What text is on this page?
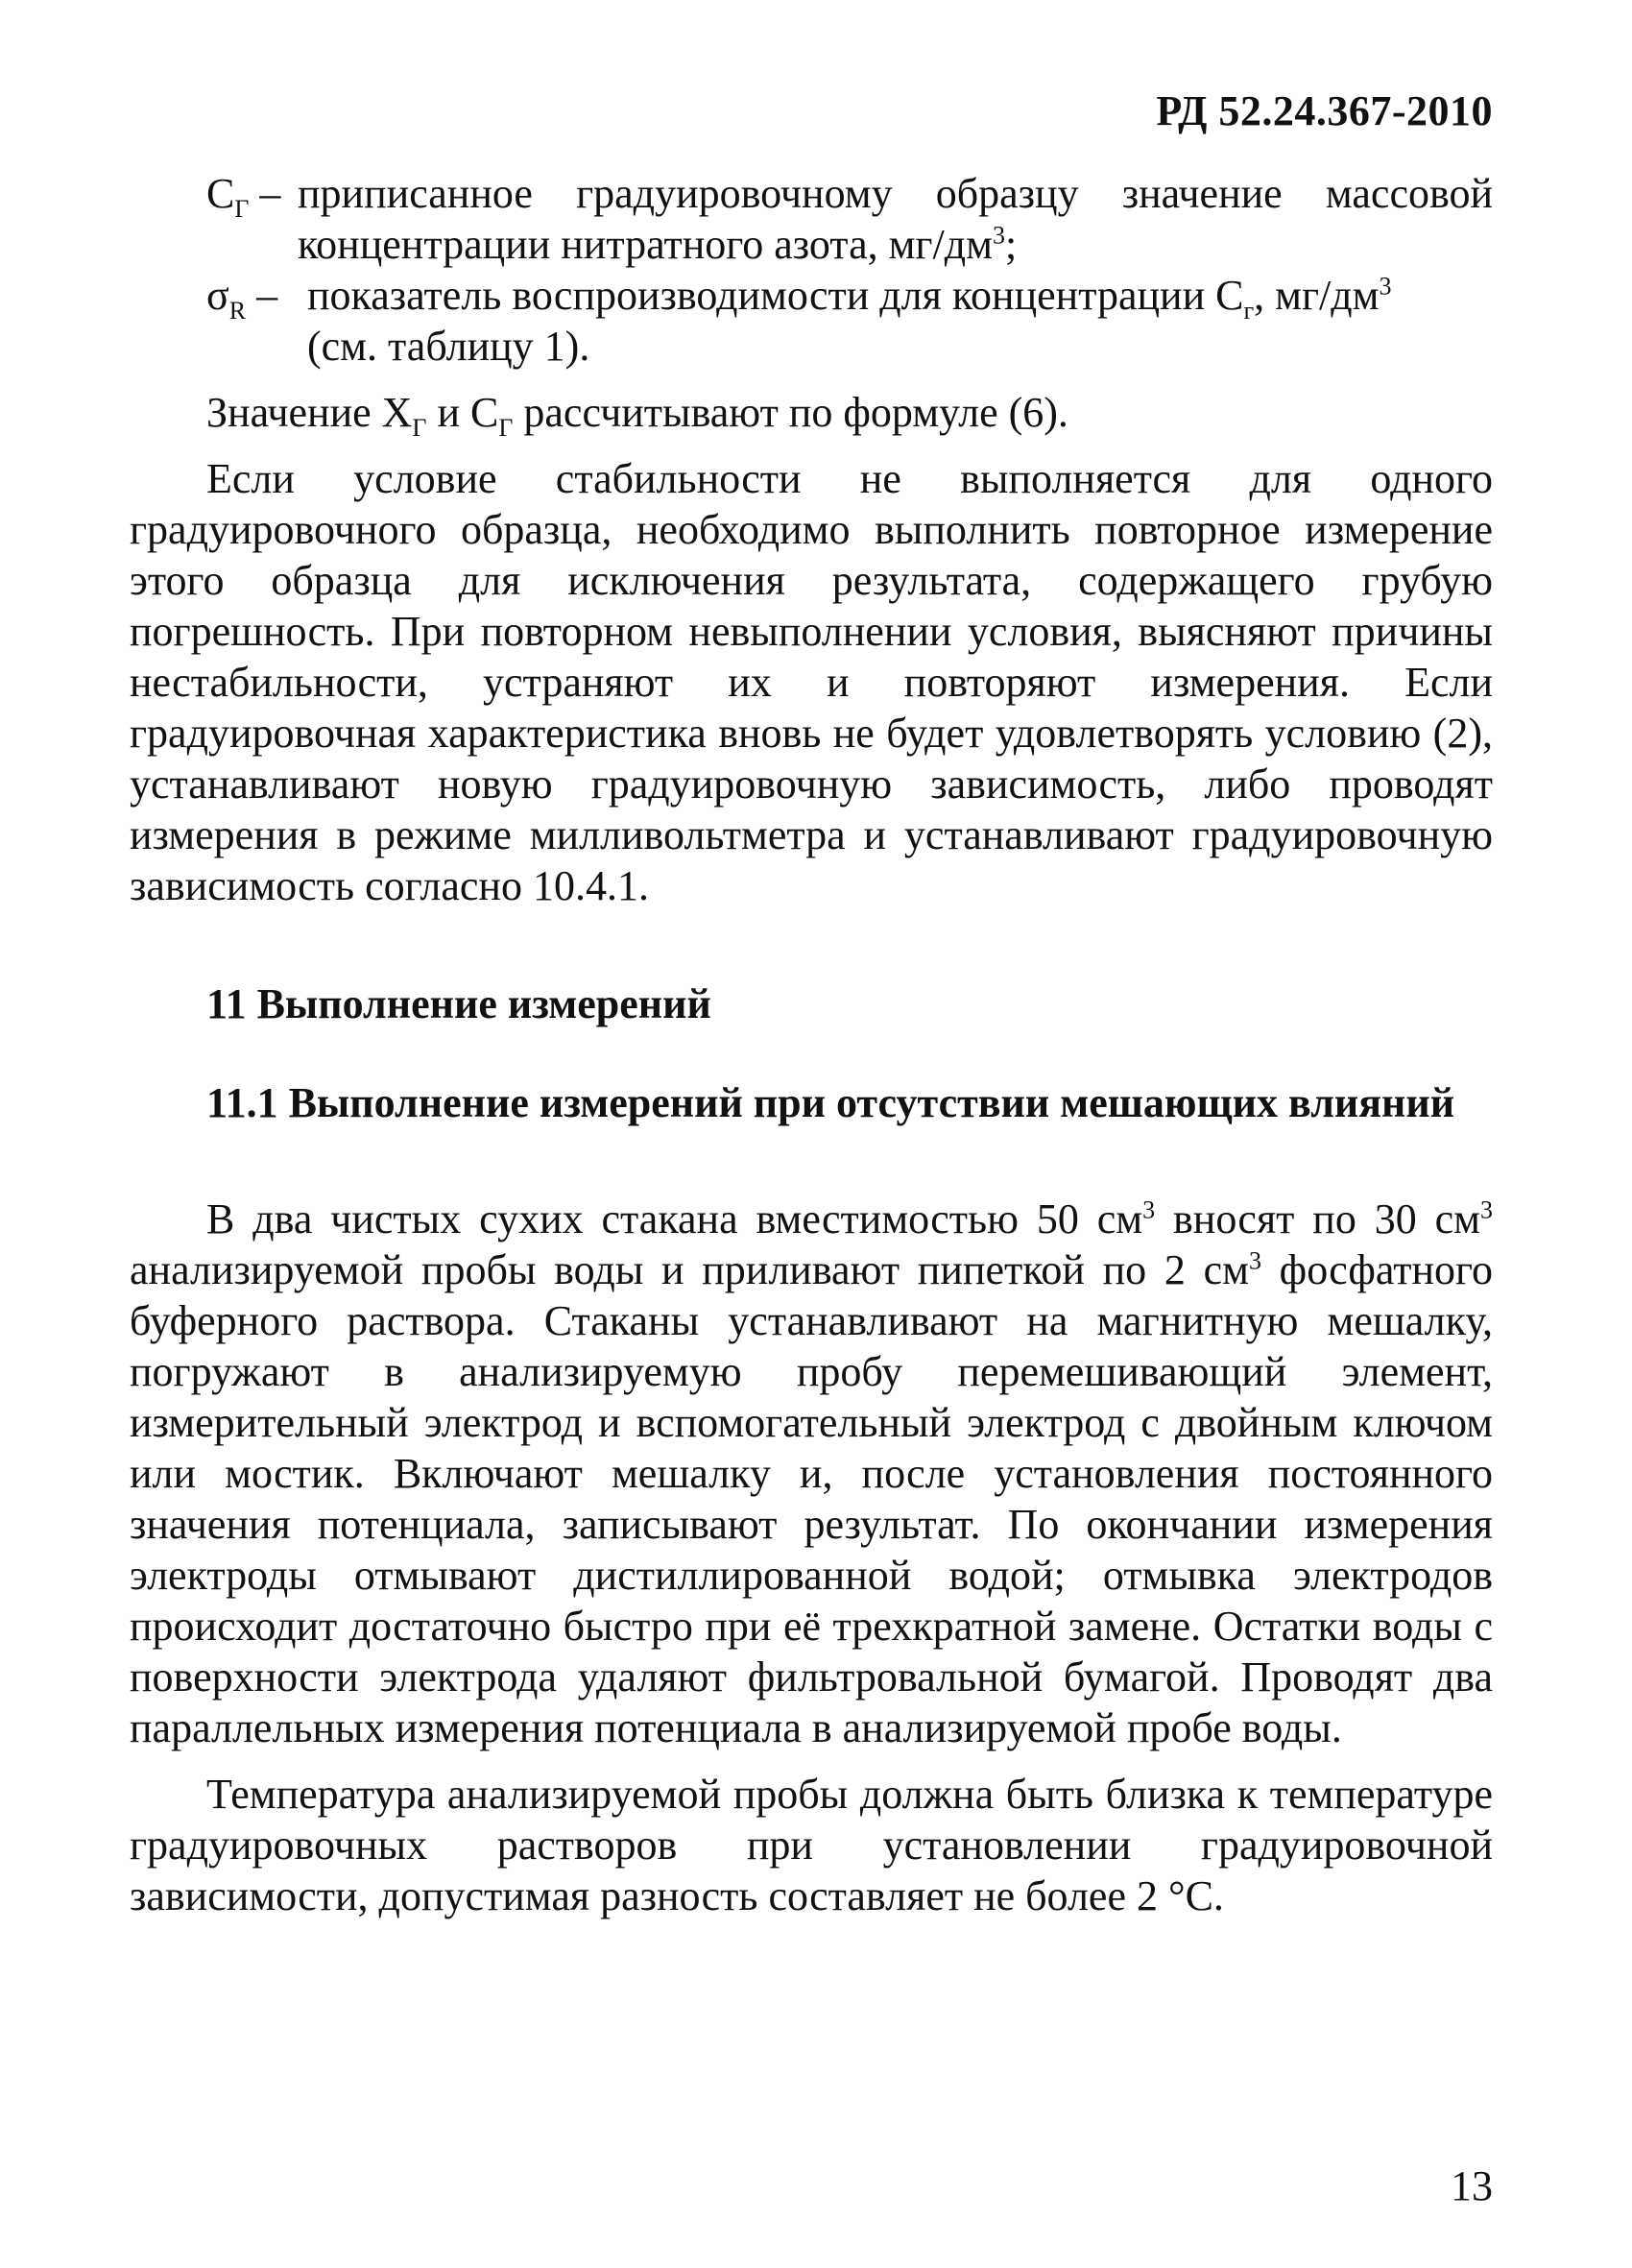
РД 52.24.367-2010
$С_Г$ – приписанное градуировочному образцу значение массовой концентрации нитратного азота, $мг/дм^3$;
$\sigma_R$ – показатель воспроизводимости для концентрации $С_г$, $мг/дм^3$
(см. таблицу 1).

Значение $Х_Г$ и $С_Г$ рассчитывают по формуле (6).

Если условие стабильности не выполняется для одного градуировочного образца, необходимо выполнить повторное измерение этого образца для исключения результата, содержащего грубую погрешность. При повторном невыполнении условия, выясняют причины нестабильности, устраняют их и повторяют измерения. Если градуировочная характеристика вновь не будет удовлетворять условию (2), устанавливают новую градуировочную зависимость, либо проводят измерения в режиме милливольтметра и устанавливают градуировочную зависимость согласно 10.4.1.

11 Выполнение измерений

11.1 Выполнение измерений при отсутствии мешающих влияний

В два чистых сухих стакана вместимостью 50 $см^3$ вносят по 30 $см^3$ анализируемой пробы воды и приливают пипеткой по 2 $см^3$ фосфатного буферного раствора. Стаканы устанавливают на магнитную мешалку, погружают в анализируемую пробу перемешивающий элемент, измерительный электрод и вспомогательный электрод с двойным ключом или мостик. Включают мешалку и, после установления постоянного значения потенциала, записывают результат. По окончании измерения электроды отмывают дистиллированной водой; отмывка электродов происходит достаточно быстро при её трехкратной замене. Остатки воды с поверхности электрода удаляют фильтровальной бумагой. Проводят два параллельных измерения потенциала в анализируемой пробе воды.

Температура анализируемой пробы должна быть близка к температуре градуировочных растворов при установлении градуировочной зависимости, допустимая разность составляет не более 2 °С.

13
